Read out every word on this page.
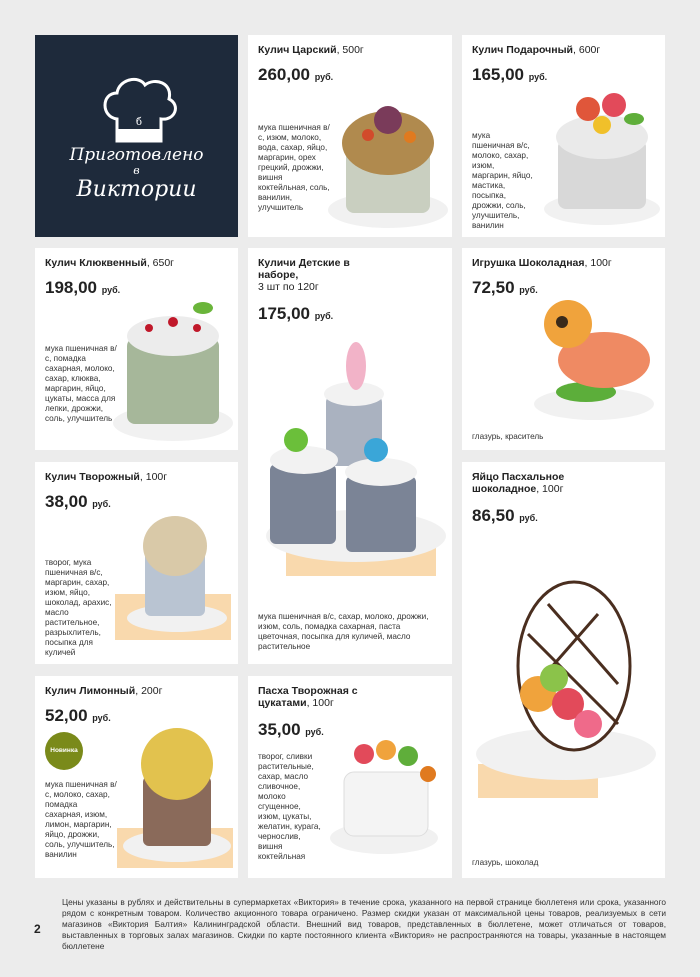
б
Приготовлено
в
Виктории
Кулич Царский, 500г
260,00 руб.
мука пшеничная в/с, изюм, молоко, вода, сахар, яйцо, маргарин, орех грецкий, дрожжи, вишня коктейльная, соль, ванилин, улучшитель
Кулич Подарочный, 600г
165,00 руб.
мука пшеничная в/с, молоко, сахар, изюм, маргарин, яйцо, мастика, посыпка, дрожжи, соль, улучшитель, ванилин
Кулич Клюквенный, 650г
198,00 руб.
мука пшеничная в/с, помадка сахарная, молоко, сахар, клюква, маргарин, яйцо, цукаты, масса для лепки, дрожжи, соль, улучшитель
Куличи Детские в наборе,
3 шт по 120г
175,00 руб.
мука пшеничная в/с, сахар, молоко, дрожжи, изюм, соль, помадка сахарная, паста цветочная, посыпка для куличей, масло растительное
Игрушка Шоколадная, 100г
72,50 руб.
глазурь, краситель
Кулич Творожный, 100г
38,00 руб.
творог, мука пшеничная в/с, маргарин, сахар, изюм, яйцо, шоколад, арахис, масло растительное, разрыхлитель, посыпка для куличей
Яйцо Пасхальное шоколадное, 100г
86,50 руб.
глазурь, шоколад
Кулич Лимонный, 200г
52,00 руб.
Новинка
мука пшеничная в/с, молоко, сахар, помадка сахарная, изюм, лимон, маргарин, яйцо, дрожжи, соль, улучшитель, ванилин
Пасха Творожная с цукатами, 100г
35,00 руб.
творог, сливки растительные, сахар, масло сливочное, молоко сгущенное, изюм, цукаты, желатин, курага, чернослив, вишня коктейльная
2
Цены указаны в рублях и действительны в супермаркетах «Виктория» в течение срока, указанного на первой странице бюллетеня или срока, указанного рядом с конкретным товаром. Количество акционного товара ограничено. Размер скидки указан от максимальной цены товаров, реализуемых в сети магазинов «Виктория Балтия» Калининградской области. Внешний вид товаров, представленных в бюллетене, может отличаться от товаров, выставленных в торговых залах магазинов. Скидки по карте постоянного клиента «Виктория» не распространяются на товары, указанные в настоящем бюллетене
